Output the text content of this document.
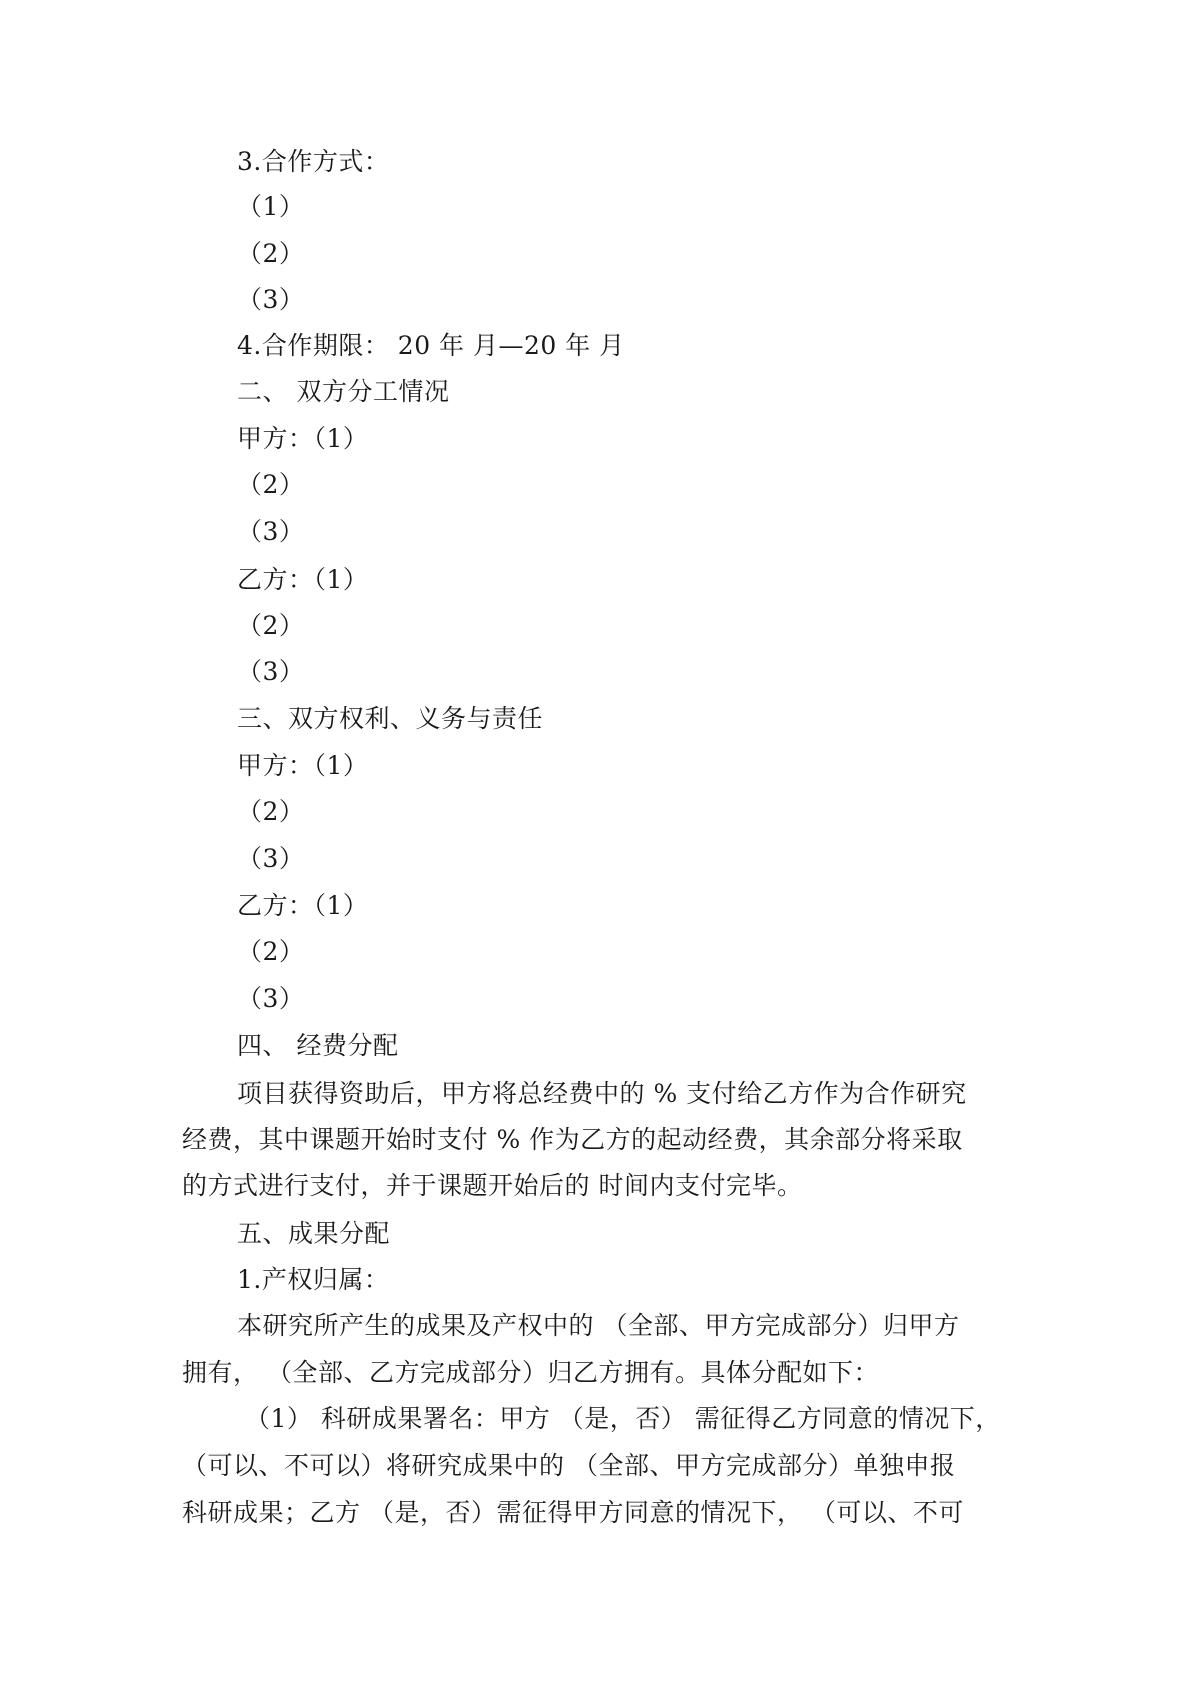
3.合作方式：
（1）
（2）
（3）
4.合作期限： 20 年 月—20 年 月
二、 双方分工情况
甲方：（1）
（2）
（3）
乙方：（1）
（2）
（3）
三、双方权利、义务与责任
甲方：（1）
（2）
（3）
乙方：（1）
（2）
（3）
四、 经费分配
项目获得资助后，甲方将总经费中的 % 支付给乙方作为合作研究
经费，其中课题开始时支付 % 作为乙方的起动经费，其余部分将采取
的方式进行支付，并于课题开始后的 时间内支付完毕。
五、成果分配
1.产权归属：
本研究所产生的成果及产权中的 （全部、甲方完成部分）归甲方
拥有， （全部、乙方完成部分）归乙方拥有。具体分配如下：
（1） 科研成果署名：甲方 （是，否） 需征得乙方同意的情况下，
（可以、不可以）将研究成果中的 （全部、甲方完成部分）单独申报
科研成果；乙方 （是，否）需征得甲方同意的情况下， （可以、不可
